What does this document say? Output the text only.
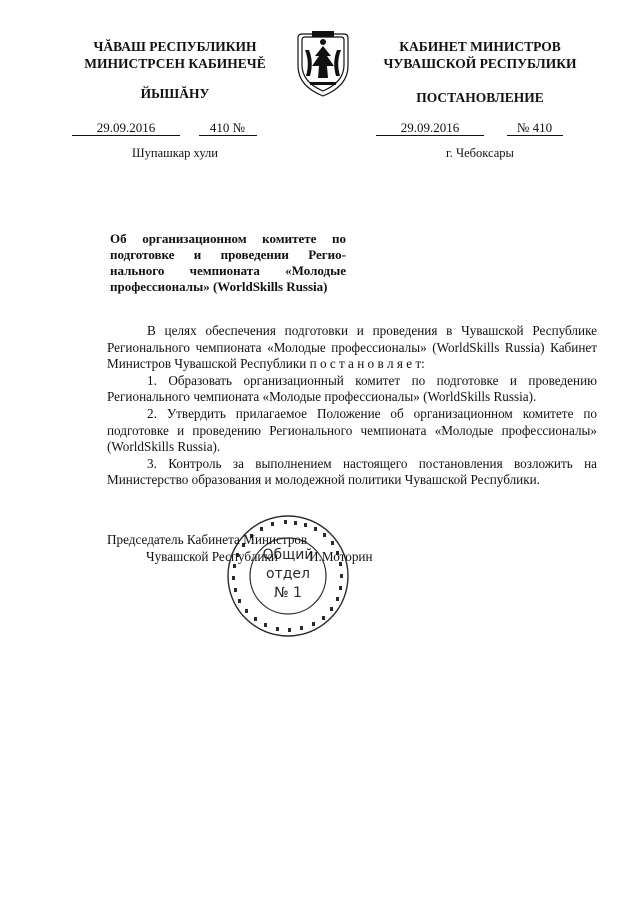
ЧĂВАШ РЕСПУБЛИКИН
МИНИСТРСЕН КАБИНЕЧĚ
ЙЫШĂНУ
КАБИНЕТ МИНИСТРОВ
ЧУВАШСКОЙ РЕСПУБЛИКИ
ПОСТАНОВЛЕНИЕ
29.09.2016	410 №	29.09.2016	№ 410
Шупашкар хули	г. Чебоксары
Об организационном комитете по
подготовке и проведении Регио-
нального чемпионата «Молодые
профессионалы» (WorldSkills Russia)

В целях обеспечения подготовки и проведения в Чувашской Республике Регионального чемпионата «Молодые профессионалы» (WorldSkills Russia) Кабинет Министров Чувашской Республики п о с т а н о в л я е т:

1. Образовать организационный комитет по подготовке и проведению Регионального чемпионата «Молодые профессионалы» (WorldSkills Russia).

2. Утвердить прилагаемое Положение об организационном комитете по подготовке и проведению Регионального чемпионата «Молодые профессионалы» (WorldSkills Russia).

3. Контроль за выполнением настоящего постановления возложить на Министерство образования и молодежной политики Чувашской Республики.

Общий
отдел
№ 1
Председатель Кабинета Министров
Чувашской Республики И.Моторин
